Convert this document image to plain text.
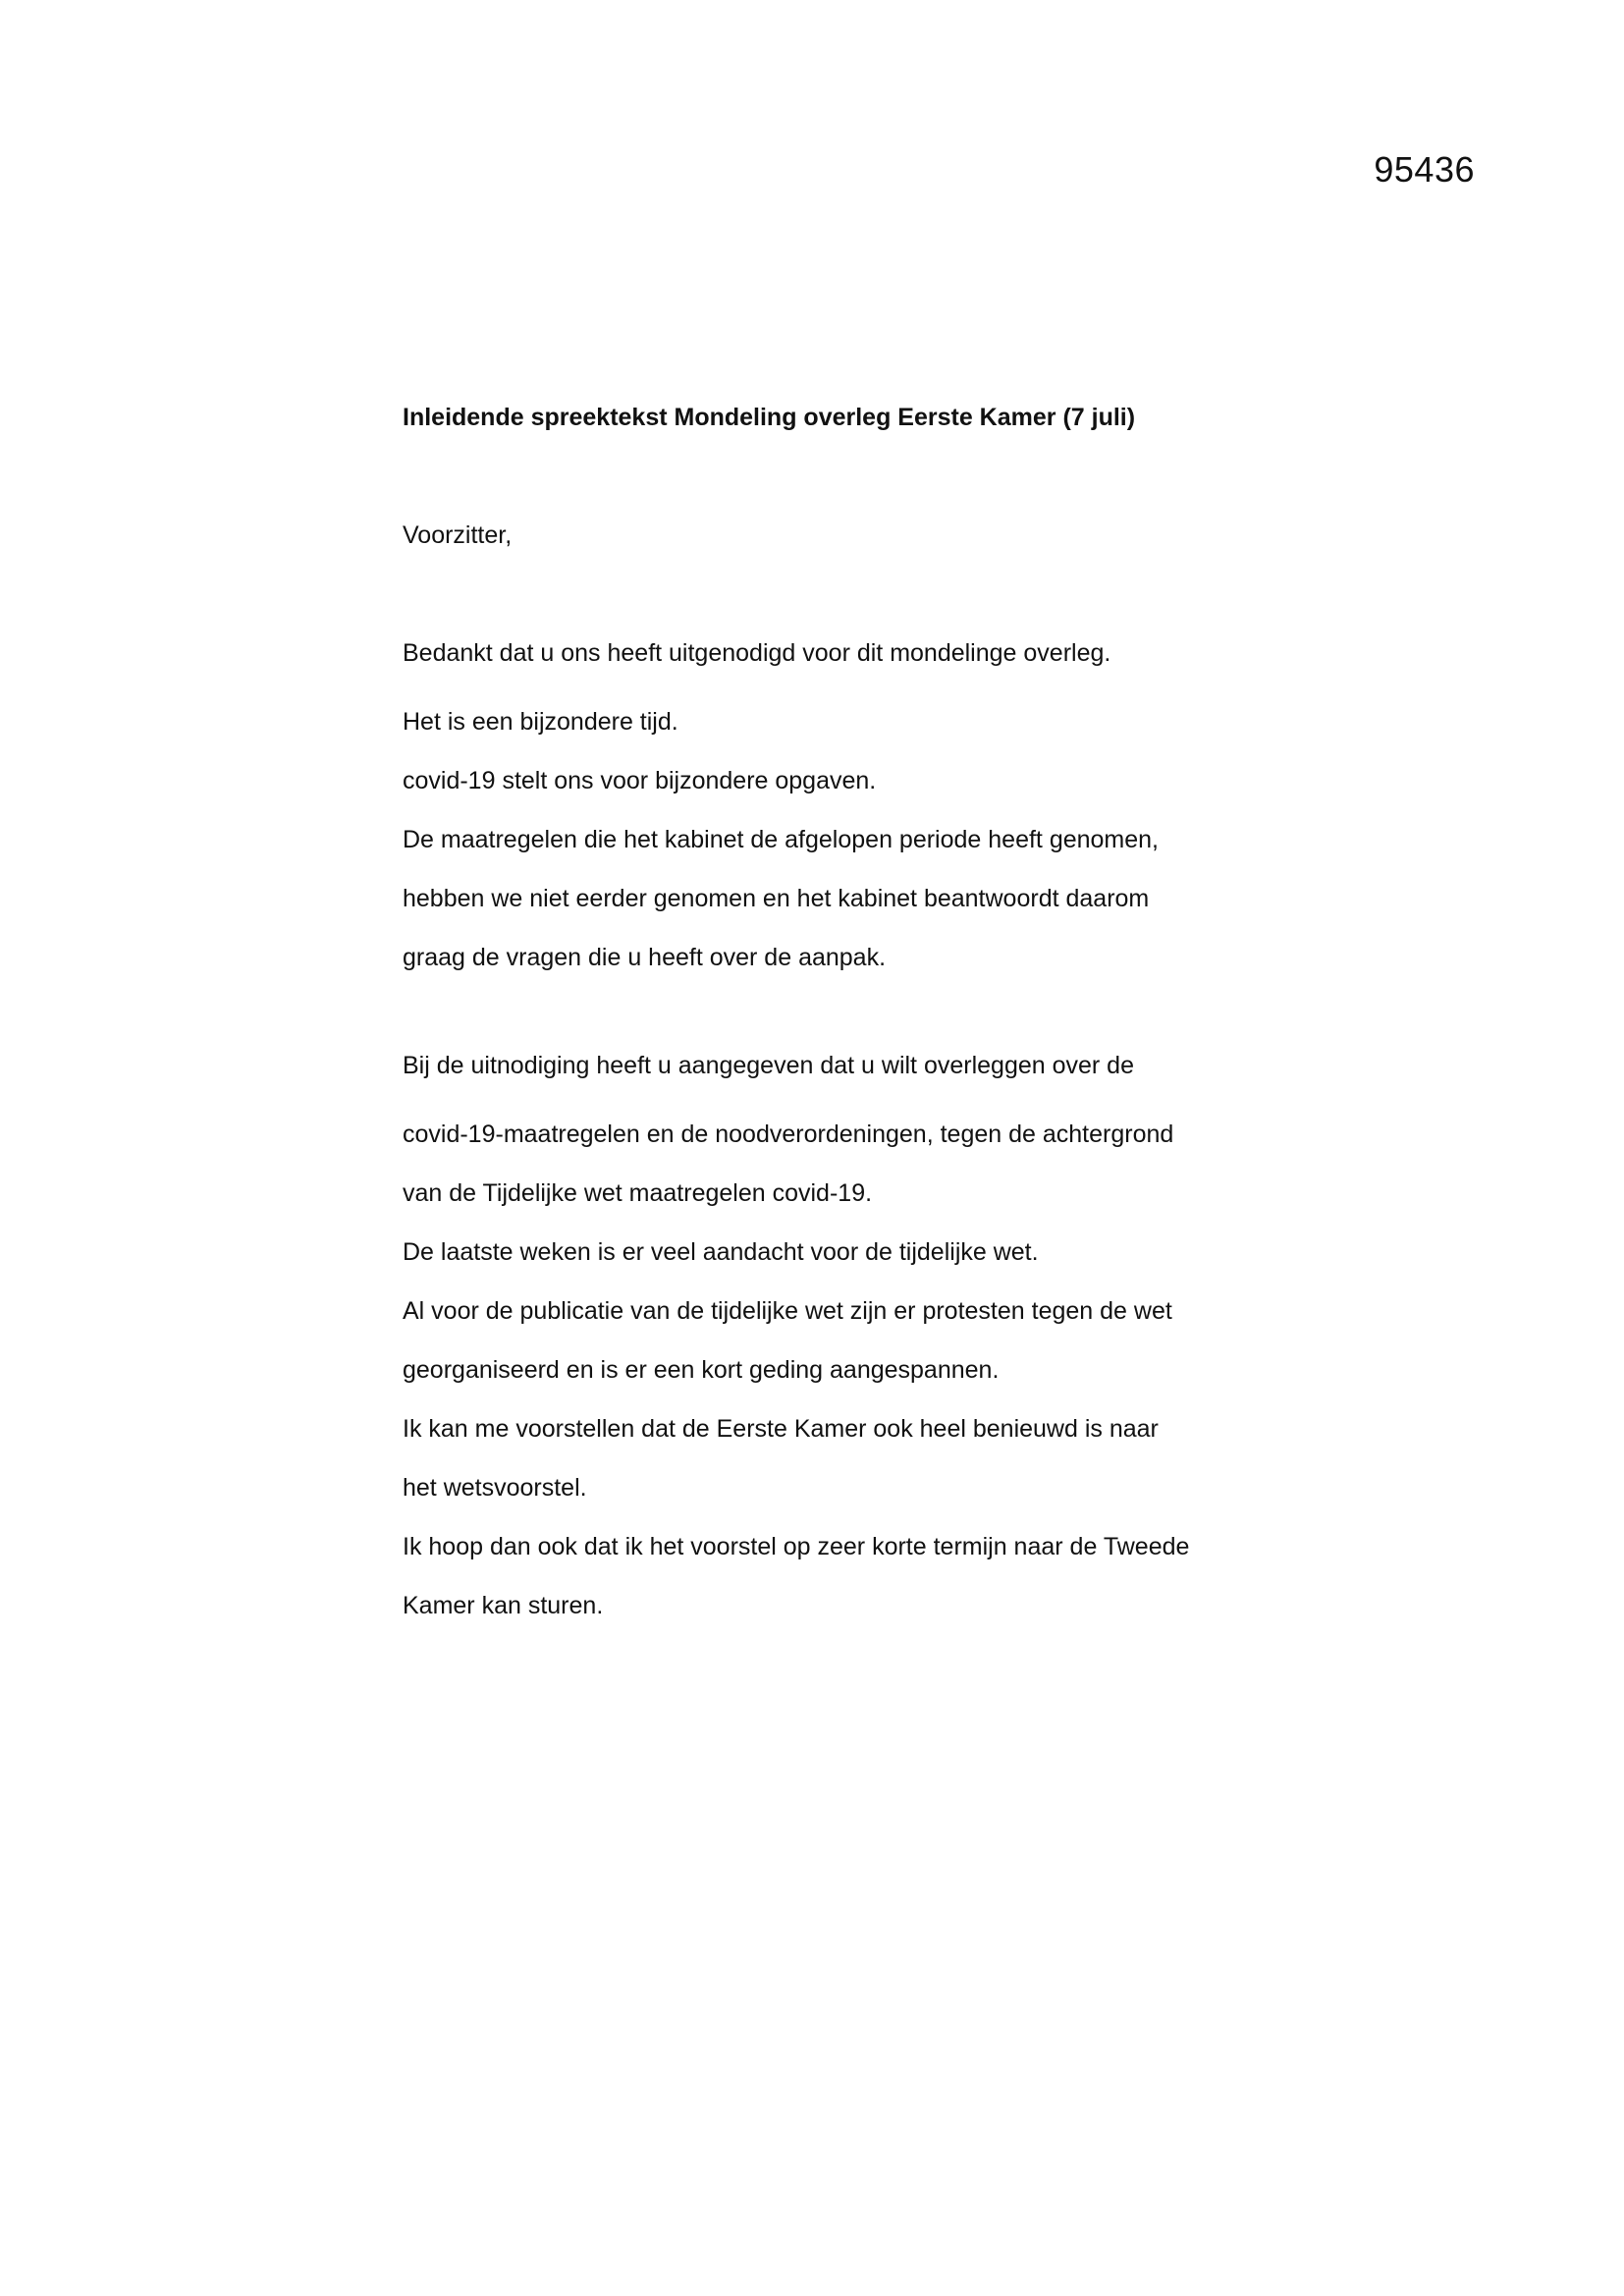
95436
Inleidende spreektekst Mondeling overleg Eerste Kamer (7 juli)

Voorzitter,

Bedankt dat u ons heeft uitgenodigd voor dit mondelinge overleg.
Het is een bijzondere tijd.
covid-19 stelt ons voor bijzondere opgaven.
De maatregelen die het kabinet de afgelopen periode heeft genomen,
hebben we niet eerder genomen en het kabinet beantwoordt daarom
graag de vragen die u heeft over de aanpak.
Bij de uitnodiging heeft u aangegeven dat u wilt overleggen over de
covid-19-maatregelen en de noodverordeningen, tegen de achtergrond
van de Tijdelijke wet maatregelen covid-19.
De laatste weken is er veel aandacht voor de tijdelijke wet.
Al voor de publicatie van de tijdelijke wet zijn er protesten tegen de wet
georganiseerd en is er een kort geding aangespannen.
Ik kan me voorstellen dat de Eerste Kamer ook heel benieuwd is naar
het wetsvoorstel.
Ik hoop dan ook dat ik het voorstel op zeer korte termijn naar de Tweede
Kamer kan sturen.
